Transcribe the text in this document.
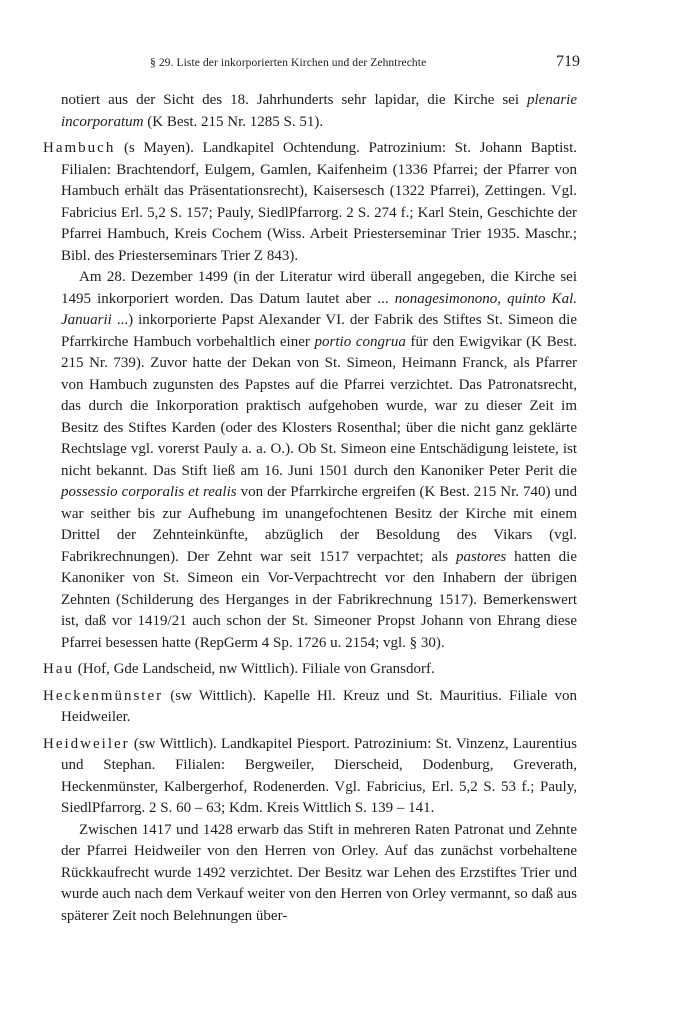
§ 29. Liste der inkorporierten Kirchen und der Zehntrechte	719

notiert aus der Sicht des 18. Jahrhunderts sehr lapidar, die Kirche sei plenarie incorporatum (K Best. 215 Nr. 1285 S. 51).

Hambuch (s Mayen). Landkapitel Ochtendung. Patrozinium: St. Johann Baptist. Filialen: Brachtendorf, Eulgem, Gamlen, Kaifenheim (1336 Pfarrei; der Pfarrer von Hambuch erhält das Präsentationsrecht), Kaisersesch (1322 Pfarrei), Zettingen. Vgl. Fabricius Erl. 5,2 S. 157; Pauly, SiedlPfarrorg. 2 S. 274 f.; Karl Stein, Geschichte der Pfarrei Hambuch, Kreis Cochem (Wiss. Arbeit Priesterseminar Trier 1935. Maschr.; Bibl. des Priesterseminars Trier Z 843).

Am 28. Dezember 1499 (in der Literatur wird überall angegeben, die Kirche sei 1495 inkorporiert worden. Das Datum lautet aber ... nonagesimonono, quinto Kal. Januarii ...) inkorporierte Papst Alexander VI. der Fabrik des Stiftes St. Simeon die Pfarrkirche Hambuch vorbehaltlich einer portio congrua für den Ewigvikar (K Best. 215 Nr. 739). Zuvor hatte der Dekan von St. Simeon, Heimann Franck, als Pfarrer von Hambuch zugunsten des Papstes auf die Pfarrei verzichtet. Das Patronatsrecht, das durch die Inkorporation praktisch aufgehoben wurde, war zu dieser Zeit im Besitz des Stiftes Karden (oder des Klosters Rosenthal; über die nicht ganz geklärte Rechtslage vgl. vorerst Pauly a. a. O.). Ob St. Simeon eine Entschädigung leistete, ist nicht bekannt. Das Stift ließ am 16. Juni 1501 durch den Kanoniker Peter Perit die possessio corporalis et realis von der Pfarrkirche ergreifen (K Best. 215 Nr. 740) und war seither bis zur Aufhebung im unangefochtenen Besitz der Kirche mit einem Drittel der Zehnteinkünfte, abzüglich der Besoldung des Vikars (vgl. Fabrikrechnungen). Der Zehnt war seit 1517 verpachtet; als pastores hatten die Kanoniker von St. Simeon ein Vor-Verpachtrecht vor den Inhabern der übrigen Zehnten (Schilderung des Herganges in der Fabrikrechnung 1517). Bemerkenswert ist, daß vor 1419/21 auch schon der St. Simeoner Propst Johann von Ehrang diese Pfarrei besessen hatte (RepGerm 4 Sp. 1726 u. 2154; vgl. § 30).

Hau (Hof, Gde Landscheid, nw Wittlich). Filiale von Gransdorf.

Heckenmünster (sw Wittlich). Kapelle Hl. Kreuz und St. Mauritius. Filiale von Heidweiler.

Heidweiler (sw Wittlich). Landkapitel Piesport. Patrozinium: St. Vinzenz, Laurentius und Stephan. Filialen: Bergweiler, Dierscheid, Dodenburg, Greverath, Heckenmünster, Kalbergerhof, Rodenerden. Vgl. Fabricius, Erl. 5,2 S. 53 f.; Pauly, SiedlPfarrorg. 2 S. 60 – 63; Kdm. Kreis Wittlich S. 139 – 141.

Zwischen 1417 und 1428 erwarb das Stift in mehreren Raten Patronat und Zehnte der Pfarrei Heidweiler von den Herren von Orley. Auf das zunächst vorbehaltene Rückkaufrecht wurde 1492 verzichtet. Der Besitz war Lehen des Erzstiftes Trier und wurde auch nach dem Verkauf weiter von den Herren von Orley vermannt, so daß aus späterer Zeit noch Belehnungen über-
